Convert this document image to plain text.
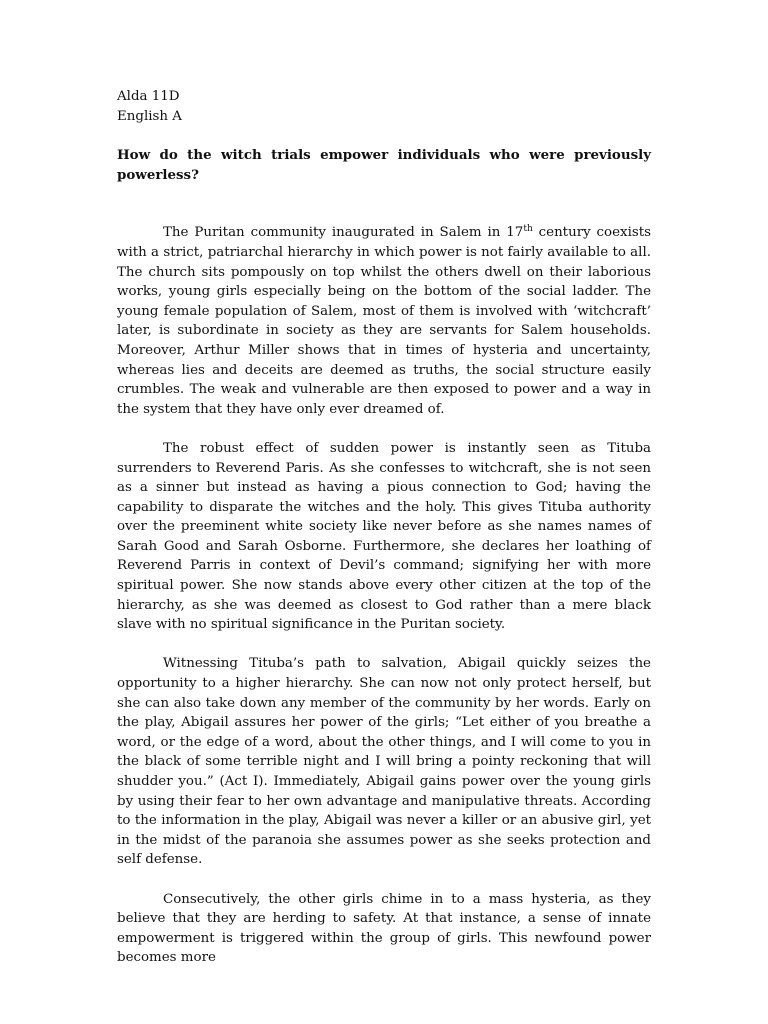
Alda 11D

English A

How do the witch trials empower individuals who were previously powerless?

The Puritan community inaugurated in Salem in 17th century coexists with a strict, patriarchal hierarchy in which power is not fairly available to all. The church sits pompously on top whilst the others dwell on their laborious works, young girls especially being on the bottom of the social ladder. The young female population of Salem, most of them is involved with ‘witchcraft’ later, is subordinate in society as they are servants for Salem households. Moreover, Arthur Miller shows that in times of hysteria and uncertainty, whereas lies and deceits are deemed as truths, the social structure easily crumbles. The weak and vulnerable are then exposed to power and a way in the system that they have only ever dreamed of.

The robust effect of sudden power is instantly seen as Tituba surrenders to Reverend Paris. As she confesses to witchcraft, she is not seen as a sinner but instead as having a pious connection to God; having the capability to disparate the witches and the holy. This gives Tituba authority over the preeminent white society like never before as she names names of Sarah Good and Sarah Osborne. Furthermore, she declares her loathing of Reverend Parris in context of Devil’s command; signifying her with more spiritual power. She now stands above every other citizen at the top of the hierarchy, as she was deemed as closest to God rather than a mere black slave with no spiritual significance in the Puritan society.

Witnessing Tituba’s path to salvation, Abigail quickly seizes the opportunity to a higher hierarchy. She can now not only protect herself, but she can also take down any member of the community by her words. Early on the play, Abigail assures her power of the girls; “Let either of you breathe a word, or the edge of a word, about the other things, and I will come to you in the black of some terrible night and I will bring a pointy reckoning that will shudder you.” (Act I). Immediately, Abigail gains power over the young girls by using their fear to her own advantage and manipulative threats. According to the information in the play, Abigail was never a killer or an abusive girl, yet in the midst of the paranoia she assumes power as she seeks protection and self defense.

Consecutively, the other girls chime in to a mass hysteria, as they believe that they are herding to safety. At that instance, a sense of innate empowerment is triggered within the group of girls. This newfound power becomes more
